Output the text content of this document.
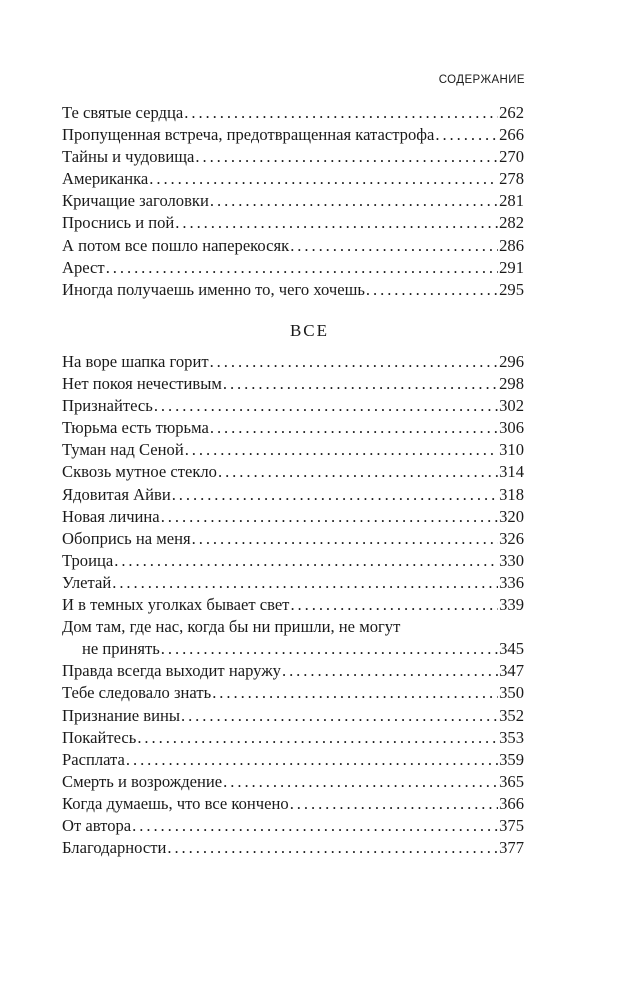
СОДЕРЖАНИЕ
Те святые сердца . . .	262
Пропущенная встреча, предотвращенная катастрофа . . .	266
Тайны и чудовища . . .	270
Американка . . .	278
Кричащие заголовки . . .	281
Проснись и пой . . .	282
А потом все пошло наперекосяк . . .	286
Арест . . .	291
Иногда получаешь именно то, чего хочешь . . .	295
ВСЕ
На воре шапка горит . . .	296
Нет покоя нечестивым . . .	298
Признайтесь . . .	302
Тюрьма есть тюрьма . . .	306
Туман над Сеной . . .	310
Сквозь мутное стекло . . .	314
Ядовитая Айви . . .	318
Новая личина . . .	320
Обопрись на меня . . .	326
Троица . . .	330
Улетай . . .	336
И в темных уголках бывает свет . . .	339
Дом там, где нас, когда бы ни пришли, не могут
не принять . . .	345
Правда всегда выходит наружу . . .	347
Тебе следовало знать . . .	350
Признание вины . . .	352
Покайтесь . . .	353
Расплата . . .	359
Смерть и возрождение . . .	365
Когда думаешь, что все кончено . . .	366
От автора . . .	375
Благодарности . . .	377
